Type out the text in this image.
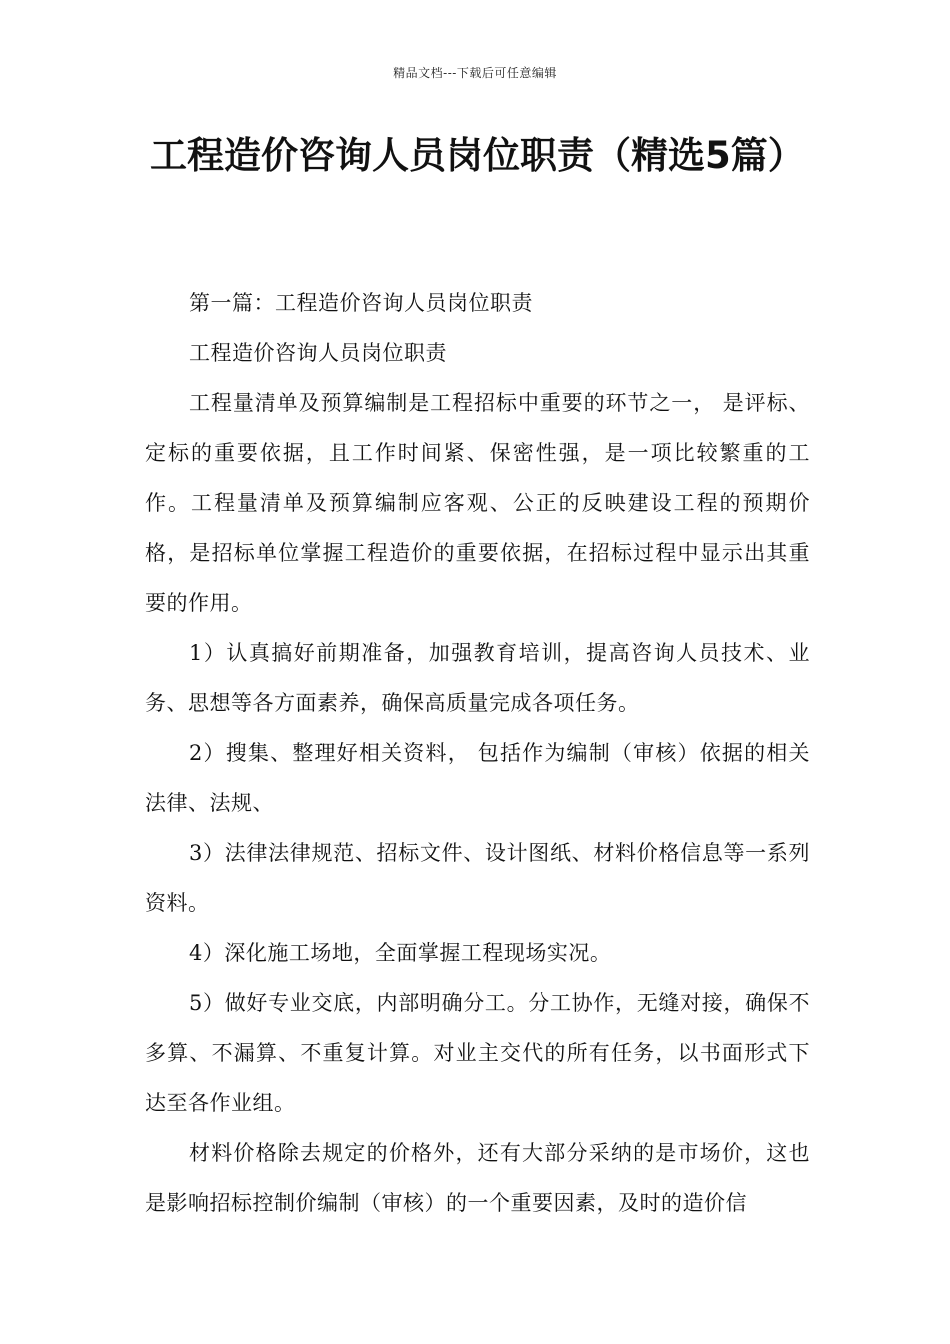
精品文档---下载后可任意编辑
工程造价咨询人员岗位职责（精选5篇）

第一篇：工程造价咨询人员岗位职责

工程造价咨询人员岗位职责

工程量清单及预算编制是工程招标中重要的环节之一， 是评标、定标的重要依据，且工作时间紧、保密性强，是一项比较繁重的工作。工程量清单及预算编制应客观、公正的反映建设工程的预期价格，是招标单位掌握工程造价的重要依据，在招标过程中显示出其重要的作用。

1）认真搞好前期准备，加强教育培训，提高咨询人员技术、业务、思想等各方面素养，确保高质量完成各项任务。

2）搜集、整理好相关资料， 包括作为编制（审核）依据的相关法律、法规、

3）法律法律规范、招标文件、设计图纸、材料价格信息等一系列资料。

4）深化施工场地，全面掌握工程现场实况。

5）做好专业交底，内部明确分工。分工协作，无缝对接，确保不多算、不漏算、不重复计算。对业主交代的所有任务，以书面形式下达至各作业组。

材料价格除去规定的价格外，还有大部分采纳的是市场价，这也是影响招标控制价编制（审核）的一个重要因素，及时的造价信
